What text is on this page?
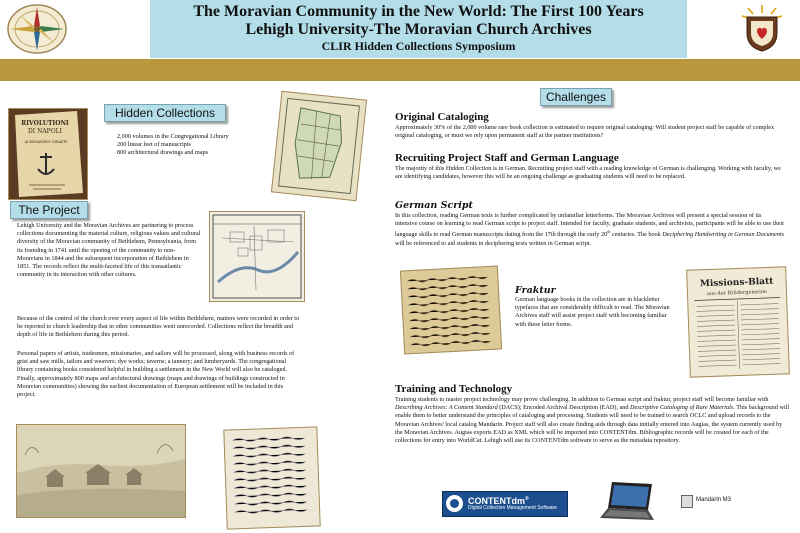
The Moravian Community in the New World: The First 100 Years
Lehigh University-The Moravian Church Archives
CLIR Hidden Collections Symposium
RIVOLUTIONI
DI NAPOLI
ALESSANDRO GIRAFFI
Hidden Collections
2,000 volumes in the Congregational Library
200 linear feet of manuscripts
800 architectural drawings and maps
The Project
Lehigh University and the Moravian Archives are partnering to process collections documenting the material culture, religious values and cultural diversity of the Moravian community of Bethlehem, Pennsylvania, from its founding in 1741 until the opening of the community to non-Moravians in 1844 and the subsequent incorporation of Bethlehem in 1851. The records reflect the multi-faceted life of this transatlantic community in its interaction with other cultures.
Because of the control of the church over every aspect of life within Bethlehem, matters were recorded in order to be reported to church leadership that in other communities went unrecorded. Collections reflect the breadth and depth of life in Bethlehem during this period.
Personal papers of artists, tradesmen, missionaries, and sailors will be processed, along with business records of grist and saw mills, tailors and weavers; dye works; taverns; a tannery; and lumberyards. The congregational library containing books considered helpful in building a settlement in the New World will also be cataloged. Finally, approximately 800 maps and architectural drawings (maps and drawings of buildings constructed in Moravian communities) showing the earliest documentation of European settlement will be included in this project.
Challenges
Original Cataloging
Approximately 30% of the 2,000 volume rare book collection is estimated to require original cataloging: Will student project staff be capable of complex original cataloging, or must we rely upon permanent staff at the partner institutions?
Recruiting Project Staff and German Language
The majority of this Hidden Collection is in German. Recruiting project staff with a reading knowledge of German is challenging. Working with faculty, we are identifying candidates, however this will be an ongoing challenge as graduating students will need to be replaced.
German Script
In this collection, reading German texts is further complicated by unfamiliar letterforms. The Moravian Archives will present a special session of its intensive course on learning to read German script to project staff. Intended for faculty, graduate students, and archivists, participants will be able to use their language skills to read German manuscripts dating from the 17th through the early 20th centuries. The book Deciphering Handwriting in German Documents will be referenced to aid students in deciphering texts written in German script.
Fraktur
German language books in the collection are in blackletter typefaces that are considerably difficult to read. The Moravian Archives staff will assist project staff with becoming familiar with these letter forms.
Missions-Blatt
aus der Brüdergemeine
Training and Technology
Training students to master project technology may prove challenging. In addition to German script and fraktur, project staff will become familiar with Describing Archives: A Content Standard (DACS); Encoded Archival Description (EAD), and Descriptive Cataloging of Rare Materials. This background will enable them to better understand the principles of cataloging and processing. Students will need to be trained to search OCLC and upload records to the Moravian Archives' local catalog Mandarin. Project staff will also create finding aids through data initially entered into Augias, the system currently used by the Moravian Archives. Augias exports EAD as XML which will be imported into CONTENTdm. Bibliographic records will be created for each of the collections for entry into WorldCat. Lehigh will use its CONTENTdm software to serve as the metadata repository.
CONTENTdm®
Digital Collection Management Software
Mandarin M3
